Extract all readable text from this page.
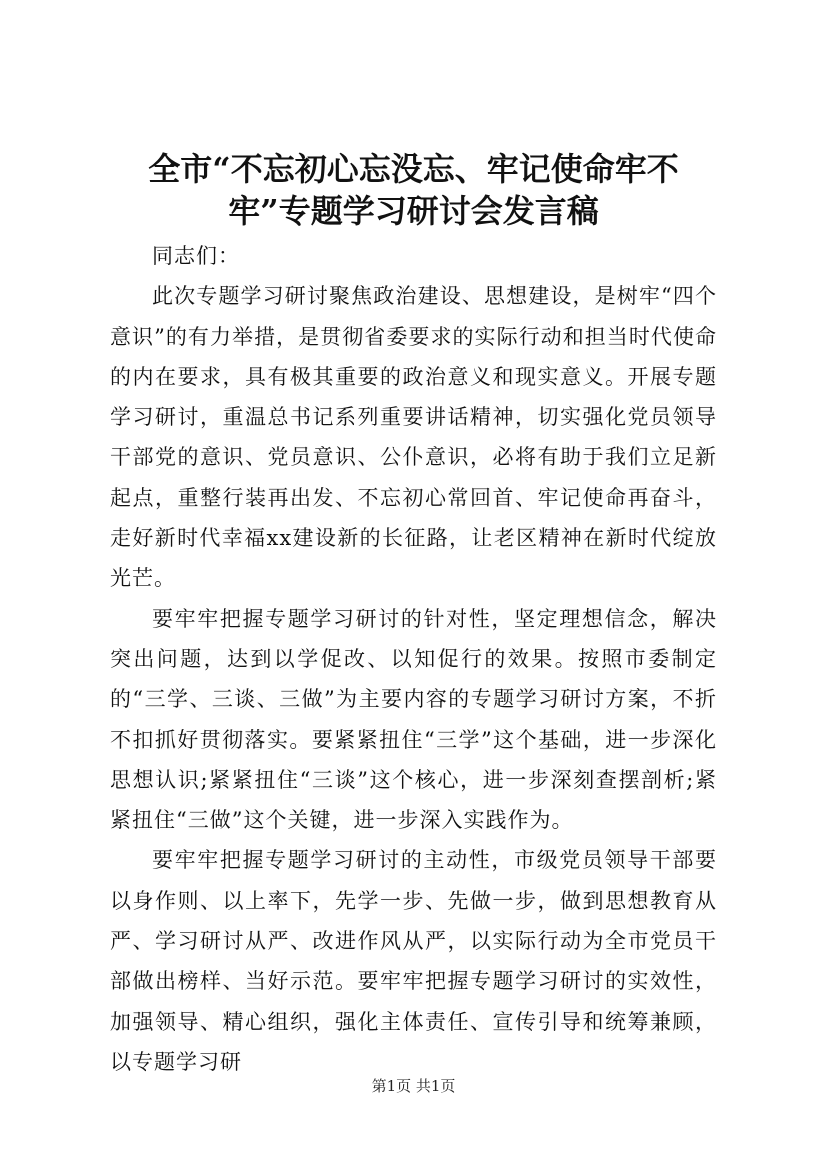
全市“不忘初心忘没忘、牢记使命牢不牢”专题学习研讨会发言稿

同志们：

此次专题学习研讨聚焦政治建设、思想建设，是树牢“四个意识”的有力举措，是贯彻省委要求的实际行动和担当时代使命的内在要求，具有极其重要的政治意义和现实意义。开展专题学习研讨，重温总书记系列重要讲话精神，切实强化党员领导干部党的意识、党员意识、公仆意识，必将有助于我们立足新起点，重整行装再出发、不忘初心常回首、牢记使命再奋斗，走好新时代幸福xx建设新的长征路，让老区精神在新时代绽放光芒。

要牢牢把握专题学习研讨的针对性，坚定理想信念，解决突出问题，达到以学促改、以知促行的效果。按照市委制定的“三学、三谈、三做”为主要内容的专题学习研讨方案，不折不扣抓好贯彻落实。要紧紧扭住“三学”这个基础，进一步深化思想认识;紧紧扭住“三谈”这个核心，进一步深刻查摆剖析;紧紧扭住“三做”这个关键，进一步深入实践作为。

要牢牢把握专题学习研讨的主动性，市级党员领导干部要以身作则、以上率下，先学一步、先做一步，做到思想教育从严、学习研讨从严、改进作风从严，以实际行动为全市党员干部做出榜样、当好示范。要牢牢把握专题学习研讨的实效性，加强领导、精心组织，强化主体责任、宣传引导和统筹兼顾，以专题学习研

第1页 共1页
